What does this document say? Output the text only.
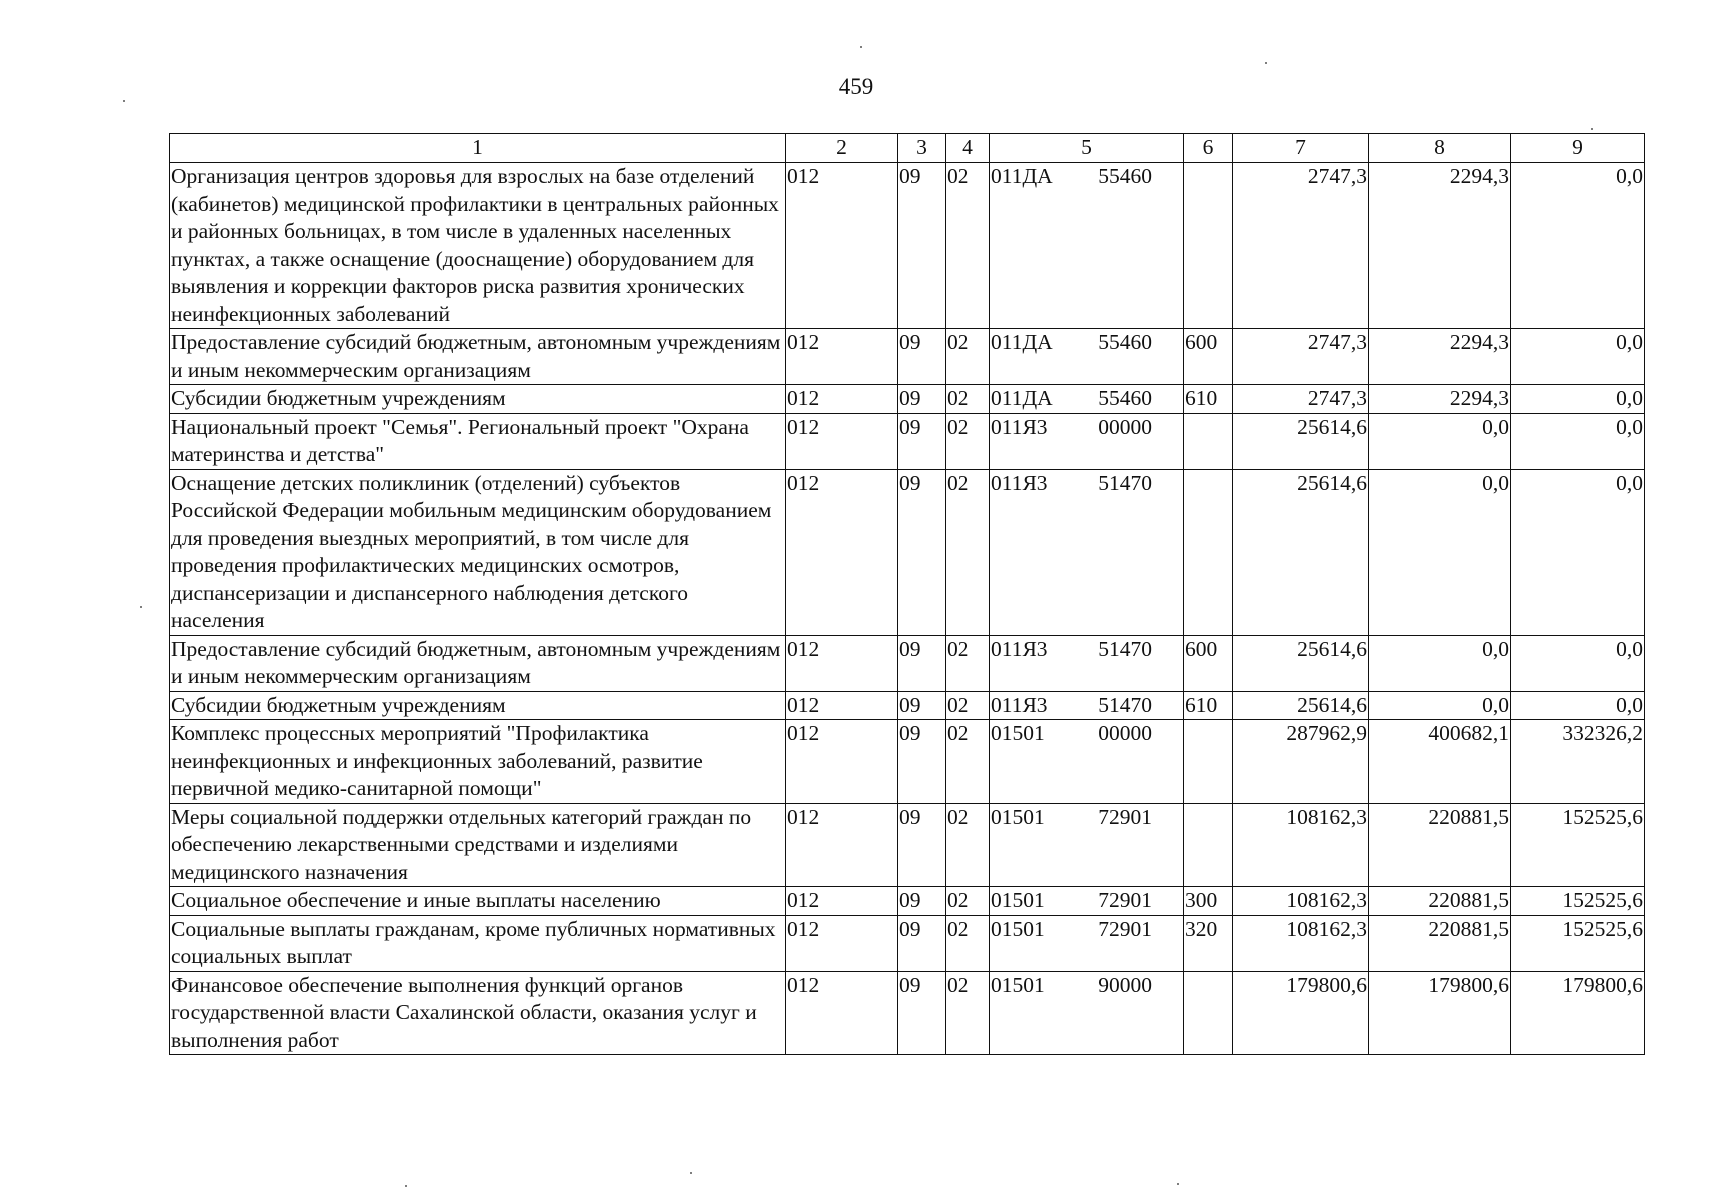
459
1	2	3	4	5	6	7	8	9
Организация центров здоровья для взрослых на базе отделений (кабинетов) медицинской профилактики в центральных районных и районных больницах, в том числе в удаленных населенных пунктах, а также оснащение (дооснащение) оборудованием для выявления и коррекции факторов риска развития хронических неинфекционных заболеваний	012	09	02	011ДА 55460		2747,3	2294,3	0,0
Предоставление субсидий бюджетным, автономным учреждениям и иным некоммерческим организациям	012	09	02	011ДА 55460	600	2747,3	2294,3	0,0
Субсидии бюджетным учреждениям	012	09	02	011ДА 55460	610	2747,3	2294,3	0,0
Национальный проект "Семья". Региональный проект "Охрана материнства и детства"	012	09	02	011Я3 00000		25614,6	0,0	0,0
Оснащение детских поликлиник (отделений) субъектов Российской Федерации мобильным медицинским оборудованием для проведения выездных мероприятий, в том числе для проведения профилактических медицинских осмотров, диспансеризации и диспансерного наблюдения детского населения	012	09	02	011Я3 51470		25614,6	0,0	0,0
Предоставление субсидий бюджетным, автономным учреждениям и иным некоммерческим организациям	012	09	02	011Я3 51470	600	25614,6	0,0	0,0
Субсидии бюджетным учреждениям	012	09	02	011Я3 51470	610	25614,6	0,0	0,0
Комплекс процессных мероприятий "Профилактика неинфекционных и инфекционных заболеваний, развитие первичной медико-санитарной помощи"	012	09	02	01501 00000		287962,9	400682,1	332326,2
Меры социальной поддержки отдельных категорий граждан по обеспечению лекарственными средствами и изделиями медицинского назначения	012	09	02	01501 72901		108162,3	220881,5	152525,6
Социальное обеспечение и иные выплаты населению	012	09	02	01501 72901	300	108162,3	220881,5	152525,6
Социальные выплаты гражданам, кроме публичных нормативных социальных выплат	012	09	02	01501 72901	320	108162,3	220881,5	152525,6
Финансовое обеспечение выполнения функций органов государственной власти Сахалинской области, оказания услуг и выполнения работ	012	09	02	01501 90000		179800,6	179800,6	179800,6
